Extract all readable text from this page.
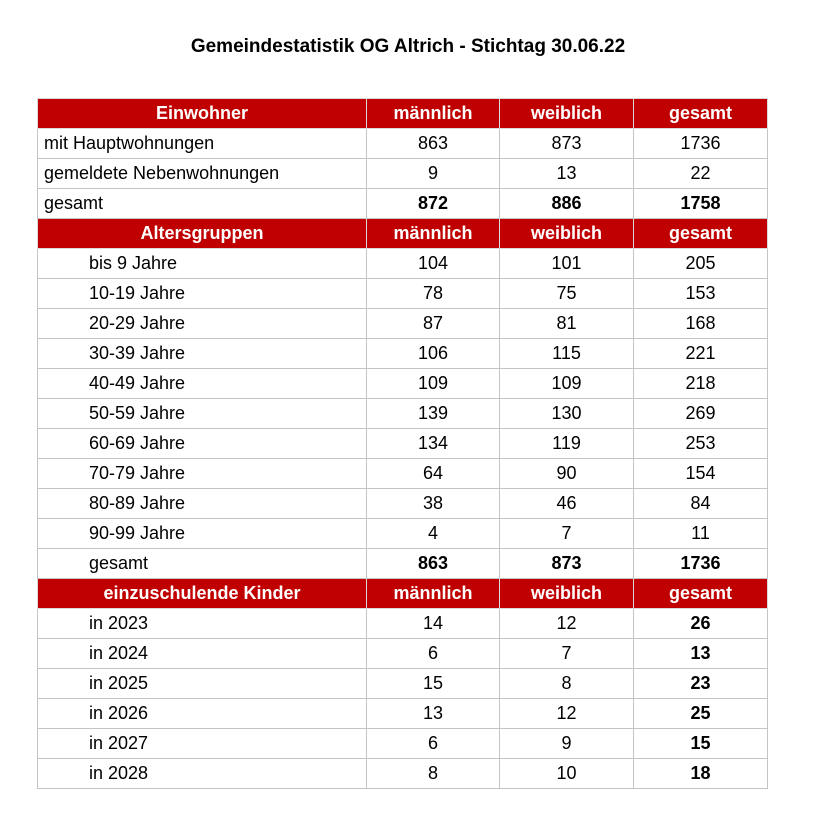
Gemeindestatistik OG Altrich - Stichtag 30.06.22
Einwohner	männlich	weiblich	gesamt
mit Hauptwohnungen	863	873	1736
gemeldete Nebenwohnungen	9	13	22
gesamt	872	886	1758
Altersgruppen	männlich	weiblich	gesamt
bis 9 Jahre	104	101	205
10-19 Jahre	78	75	153
20-29 Jahre	87	81	168
30-39 Jahre	106	115	221
40-49 Jahre	109	109	218
50-59 Jahre	139	130	269
60-69 Jahre	134	119	253
70-79 Jahre	64	90	154
80-89 Jahre	38	46	84
90-99 Jahre	4	7	11
gesamt	863	873	1736
einzuschulende Kinder	männlich	weiblich	gesamt
in 2023	14	12	26
in 2024	6	7	13
in 2025	15	8	23
in 2026	13	12	25
in 2027	6	9	15
in 2028	8	10	18
